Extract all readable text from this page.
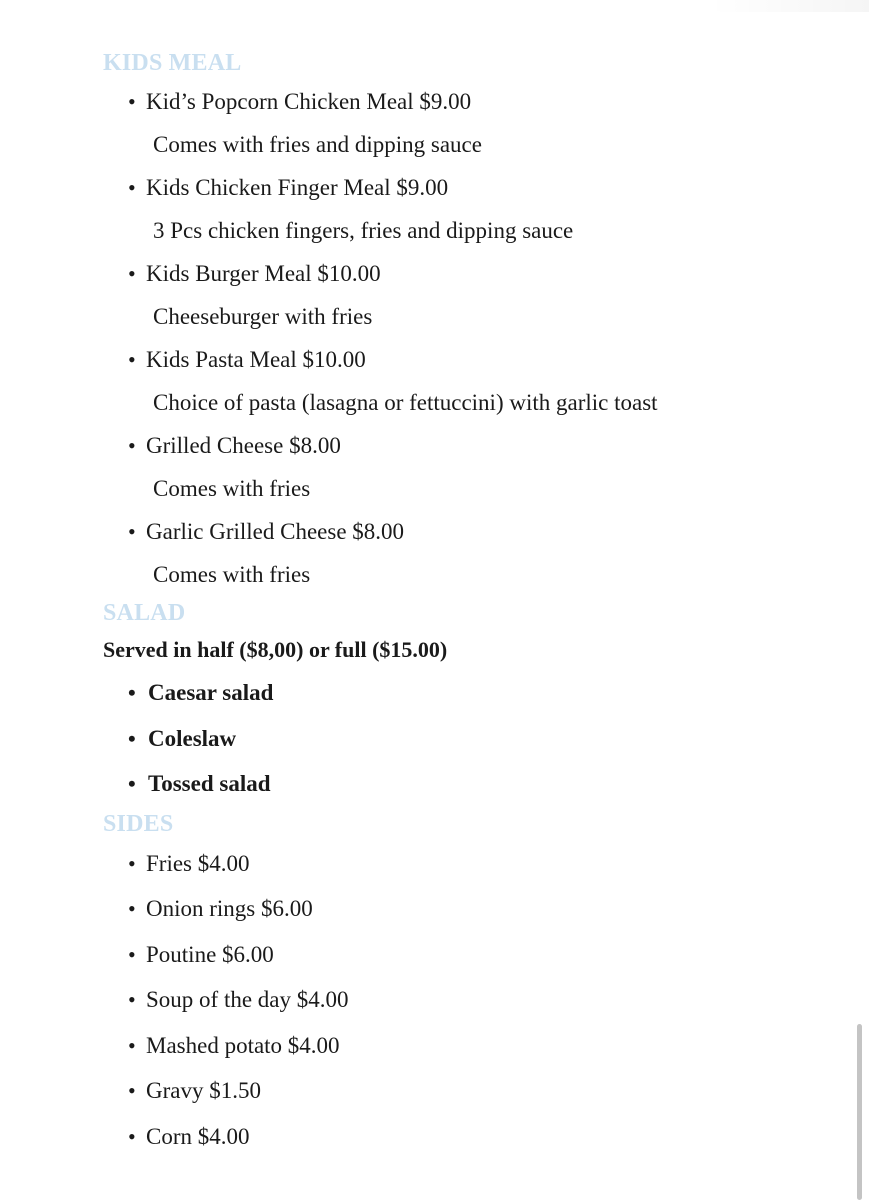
KIDS MEAL
• Kid’s Popcorn Chicken Meal $9.00
Comes with fries and dipping sauce
• Kids Chicken Finger Meal $9.00
3 Pcs chicken fingers, fries and dipping sauce
• Kids Burger Meal $10.00
Cheeseburger with fries
• Kids Pasta Meal $10.00
Choice of pasta (lasagna or fettuccini) with garlic toast
• Grilled Cheese $8.00
Comes with fries
• Garlic Grilled Cheese $8.00
Comes with fries
SALAD

Served in half ($8,00) or full ($15.00)

• Caesar salad
• Coleslaw
• Tossed salad
SIDES
• Fries $4.00
• Onion rings $6.00
• Poutine $6.00
• Soup of the day $4.00
• Mashed potato $4.00
• Gravy $1.50
• Corn $4.00
